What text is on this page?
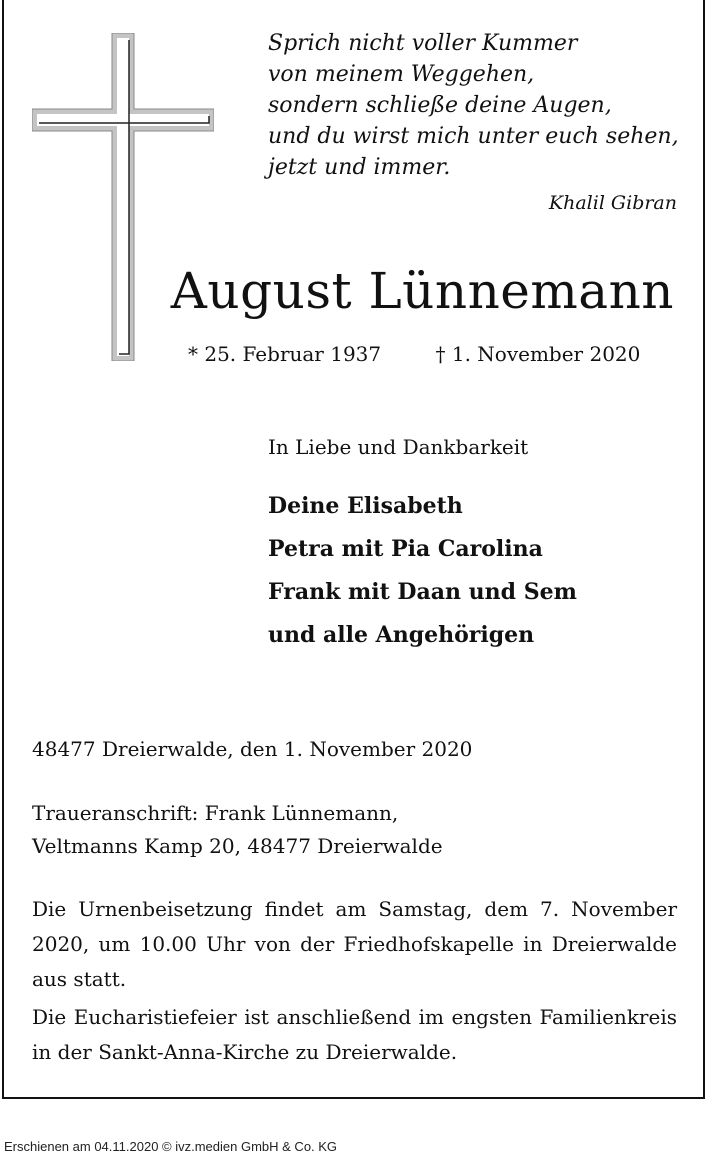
Sprich nicht voller Kummer
von meinem Weggehen,
sondern schließe deine Augen,
und du wirst mich unter euch sehen,
jetzt und immer.
Khalil Gibran
August Lünnemann
* 25. Februar 1937	† 1. November 2020
In Liebe und Dankbarkeit
Deine Elisabeth
Petra mit Pia Carolina
Frank mit Daan und Sem
und alle Angehörigen
48477 Dreierwalde, den 1. November 2020
Traueranschrift: Frank Lünnemann,
Veltmanns Kamp 20, 48477 Dreierwalde
Die Urnenbeisetzung findet am Samstag, dem 7. November 2020, um 10.00 Uhr von der Friedhofskapelle in Dreierwalde aus statt.
Die Eucharistiefeier ist anschließend im engsten Familienkreis in der Sankt-Anna-Kirche zu Dreierwalde.
Erschienen am 04.11.2020 © ivz.medien GmbH & Co. KG
